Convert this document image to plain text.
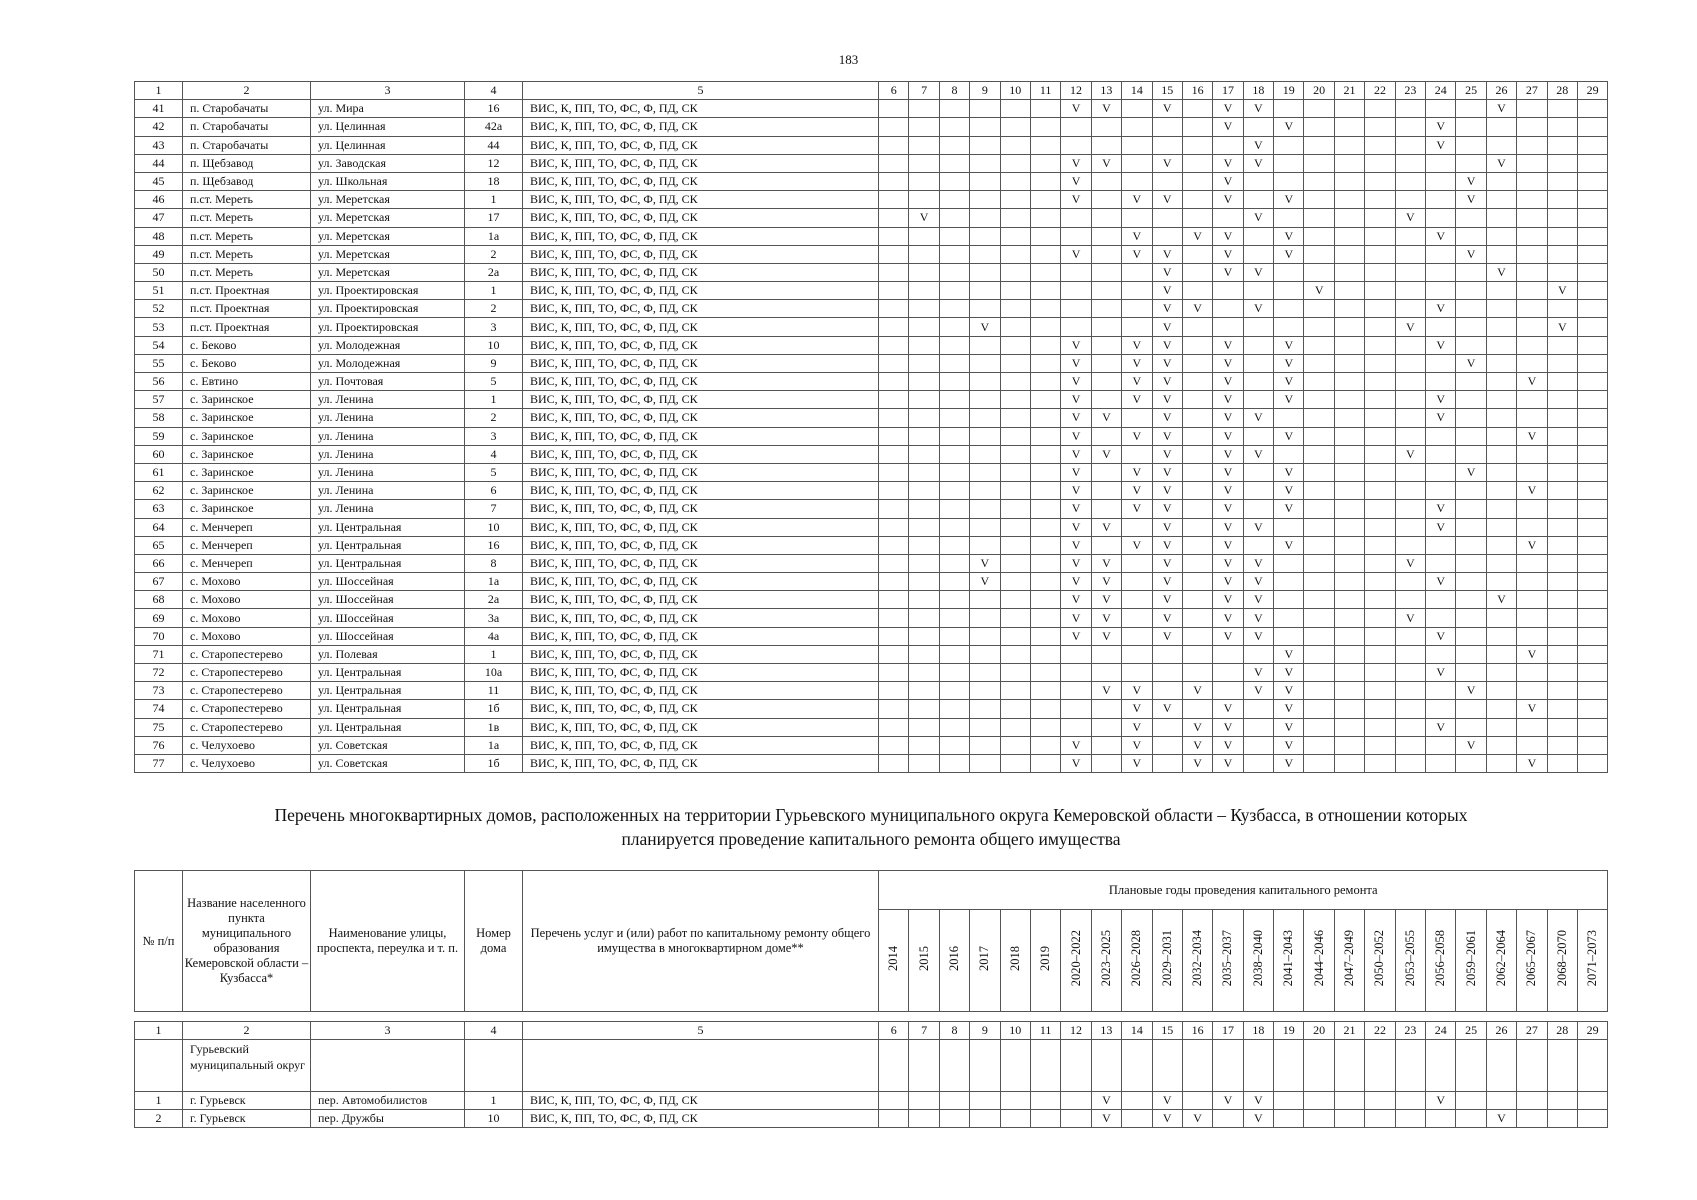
183
1	2	3	4	5	6	7	8	9	10	11	12	13	14	15	16	17	18	19	20	21	22	23	24	25	26	27	28	29
41	п. Старобачаты	ул. Мира	16	ВИС, К, ПП, ТО, ФС, Ф, ПД, СК							V	V		V		V	V								V			
42	п. Старобачаты	ул. Целинная	42а	ВИС, К, ПП, ТО, ФС, Ф, ПД, СК												V		V					V					
43	п. Старобачаты	ул. Целинная	44	ВИС, К, ПП, ТО, ФС, Ф, ПД, СК													V						V					
44	п. Щебзавод	ул. Заводская	12	ВИС, К, ПП, ТО, ФС, Ф, ПД, СК							V	V		V		V	V								V			
45	п. Щебзавод	ул. Школьная	18	ВИС, К, ПП, ТО, ФС, Ф, ПД, СК							V					V								V				
46	п.ст. Мереть	ул. Меретская	1	ВИС, К, ПП, ТО, ФС, Ф, ПД, СК							V		V	V		V		V						V				
47	п.ст. Мереть	ул. Меретская	17	ВИС, К, ПП, ТО, ФС, Ф, ПД, СК		V											V					V						
48	п.ст. Мереть	ул. Меретская	1а	ВИС, К, ПП, ТО, ФС, Ф, ПД, СК									V		V	V		V					V					
49	п.ст. Мереть	ул. Меретская	2	ВИС, К, ПП, ТО, ФС, Ф, ПД, СК							V		V	V		V		V						V				
50	п.ст. Мереть	ул. Меретская	2а	ВИС, К, ПП, ТО, ФС, Ф, ПД, СК										V		V	V								V			
51	п.ст. Проектная	ул. Проектировская	1	ВИС, К, ПП, ТО, ФС, Ф, ПД, СК										V					V								V	
52	п.ст. Проектная	ул. Проектировская	2	ВИС, К, ПП, ТО, ФС, Ф, ПД, СК										V	V		V						V					
53	п.ст. Проектная	ул. Проектировская	3	ВИС, К, ПП, ТО, ФС, Ф, ПД, СК				V						V								V					V	
54	с. Беково	ул. Молодежная	10	ВИС, К, ПП, ТО, ФС, Ф, ПД, СК							V		V	V		V		V					V					
55	с. Беково	ул. Молодежная	9	ВИС, К, ПП, ТО, ФС, Ф, ПД, СК							V		V	V		V		V						V				
56	с. Евтино	ул. Почтовая	5	ВИС, К, ПП, ТО, ФС, Ф, ПД, СК							V		V	V		V		V								V		
57	с. Заринское	ул. Ленина	1	ВИС, К, ПП, ТО, ФС, Ф, ПД, СК							V		V	V		V		V					V					
58	с. Заринское	ул. Ленина	2	ВИС, К, ПП, ТО, ФС, Ф, ПД, СК							V	V		V		V	V						V					
59	с. Заринское	ул. Ленина	3	ВИС, К, ПП, ТО, ФС, Ф, ПД, СК							V		V	V		V		V								V		
60	с. Заринское	ул. Ленина	4	ВИС, К, ПП, ТО, ФС, Ф, ПД, СК							V	V		V		V	V					V						
61	с. Заринское	ул. Ленина	5	ВИС, К, ПП, ТО, ФС, Ф, ПД, СК							V		V	V		V		V						V				
62	с. Заринское	ул. Ленина	6	ВИС, К, ПП, ТО, ФС, Ф, ПД, СК							V		V	V		V		V								V		
63	с. Заринское	ул. Ленина	7	ВИС, К, ПП, ТО, ФС, Ф, ПД, СК							V		V	V		V		V					V					
64	с. Менчереп	ул. Центральная	10	ВИС, К, ПП, ТО, ФС, Ф, ПД, СК							V	V		V		V	V						V					
65	с. Менчереп	ул. Центральная	16	ВИС, К, ПП, ТО, ФС, Ф, ПД, СК							V		V	V		V		V								V		
66	с. Менчереп	ул. Центральная	8	ВИС, К, ПП, ТО, ФС, Ф, ПД, СК				V			V	V		V		V	V					V						
67	с. Мохово	ул. Шоссейная	1а	ВИС, К, ПП, ТО, ФС, Ф, ПД, СК				V			V	V		V		V	V						V					
68	с. Мохово	ул. Шоссейная	2а	ВИС, К, ПП, ТО, ФС, Ф, ПД, СК							V	V		V		V	V								V			
69	с. Мохово	ул. Шоссейная	3а	ВИС, К, ПП, ТО, ФС, Ф, ПД, СК							V	V		V		V	V					V						
70	с. Мохово	ул. Шоссейная	4а	ВИС, К, ПП, ТО, ФС, Ф, ПД, СК							V	V		V		V	V						V					
71	с. Старопестерево	ул. Полевая	1	ВИС, К, ПП, ТО, ФС, Ф, ПД, СК														V								V		
72	с. Старопестерево	ул. Центральная	10а	ВИС, К, ПП, ТО, ФС, Ф, ПД, СК													V	V					V					
73	с. Старопестерево	ул. Центральная	11	ВИС, К, ПП, ТО, ФС, Ф, ПД, СК								V	V		V		V	V						V				
74	с. Старопестерево	ул. Центральная	1б	ВИС, К, ПП, ТО, ФС, Ф, ПД, СК									V	V		V		V								V		
75	с. Старопестерево	ул. Центральная	1в	ВИС, К, ПП, ТО, ФС, Ф, ПД, СК									V		V	V		V					V					
76	с. Челухоево	ул. Советская	1а	ВИС, К, ПП, ТО, ФС, Ф, ПД, СК							V		V		V	V		V						V				
77	с. Челухоево	ул. Советская	1б	ВИС, К, ПП, ТО, ФС, Ф, ПД, СК							V		V		V	V		V								V		
Перечень многоквартирных домов, расположенных на территории Гурьевского муниципального округа Кемеровской области – Кузбасса, в отношении которых
планируется проведение капитального ремонта общего имущества
№ п/п	Название населенного пункта муниципального образования Кемеровской области – Кузбасса*	Наименование улицы, проспекта, переулка и т. п.	Номер дома	Перечень услуг и (или) работ по капитальному ремонту общего имущества в многоквартирном доме**	Плановые годы проведения капитального ремонта																							
					2014	2015	2016	2017	2018	2019	2020–2022	2023–2025	2026–2028	2029–2031	2032–2034	2035–2037	2038–2040	2041–2043	2044–2046	2047–2049	2050–2052	2053–2055	2056–2058	2059–2061	2062–2064	2065–2067	2068–2070	2071–2073
1	2	3	4	5	6	7	8	9	10	11	12	13	14	15	16	17	18	19	20	21	22	23	24	25	26	27	28	29
	Гурьевский муниципальный округ																											
1	г. Гурьевск	пер. Автомобилистов	1	ВИС, К, ПП, ТО, ФС, Ф, ПД, СК								V		V		V	V						V					
2	г. Гурьевск	пер. Дружбы	10	ВИС, К, ПП, ТО, ФС, Ф, ПД, СК								V		V	V		V								V			
